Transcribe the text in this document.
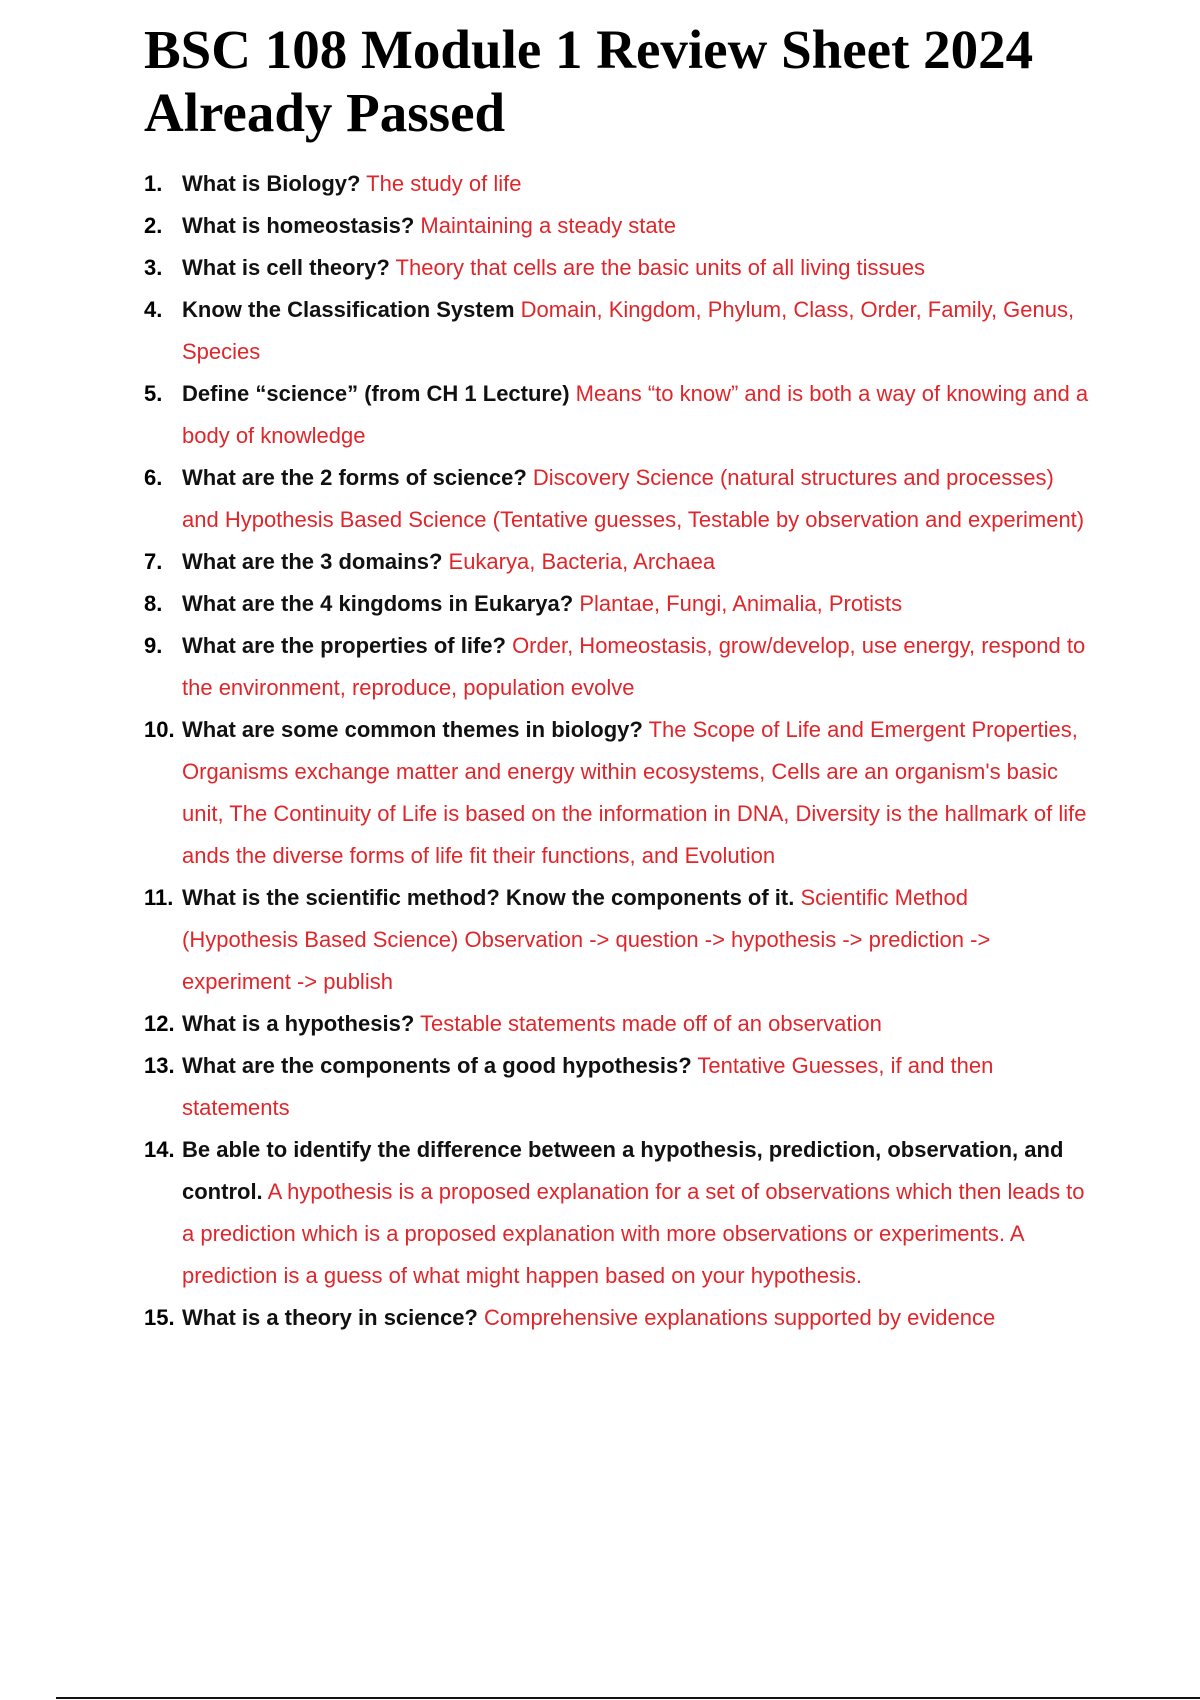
BSC 108 Module 1 Review Sheet 2024 Already Passed
1. What is Biology? The study of life
2. What is homeostasis? Maintaining a steady state
3. What is cell theory? Theory that cells are the basic units of all living tissues
4. Know the Classification System Domain, Kingdom, Phylum, Class, Order, Family, Genus, Species
5. Define “science” (from CH 1 Lecture) Means “to know” and is both a way of knowing and a body of knowledge
6. What are the 2 forms of science? Discovery Science (natural structures and processes) and Hypothesis Based Science (Tentative guesses, Testable by observation and experiment)
7. What are the 3 domains? Eukarya, Bacteria, Archaea
8. What are the 4 kingdoms in Eukarya? Plantae, Fungi, Animalia, Protists
9. What are the properties of life? Order, Homeostasis, grow/develop, use energy, respond to the environment, reproduce, population evolve
10. What are some common themes in biology? The Scope of Life and Emergent Properties, Organisms exchange matter and energy within ecosystems, Cells are an organism's basic unit, The Continuity of Life is based on the information in DNA, Diversity is the hallmark of life ands the diverse forms of life fit their functions, and Evolution
11. What is the scientific method? Know the components of it. Scientific Method (Hypothesis Based Science) Observation -> question -> hypothesis -> prediction -> experiment -> publish
12. What is a hypothesis? Testable statements made off of an observation
13. What are the components of a good hypothesis? Tentative Guesses, if and then statements
14. Be able to identify the difference between a hypothesis, prediction, observation, and control. A hypothesis is a proposed explanation for a set of observations which then leads to a prediction which is a proposed explanation with more observations or experiments. A prediction is a guess of what might happen based on your hypothesis.
15. What is a theory in science? Comprehensive explanations supported by evidence
